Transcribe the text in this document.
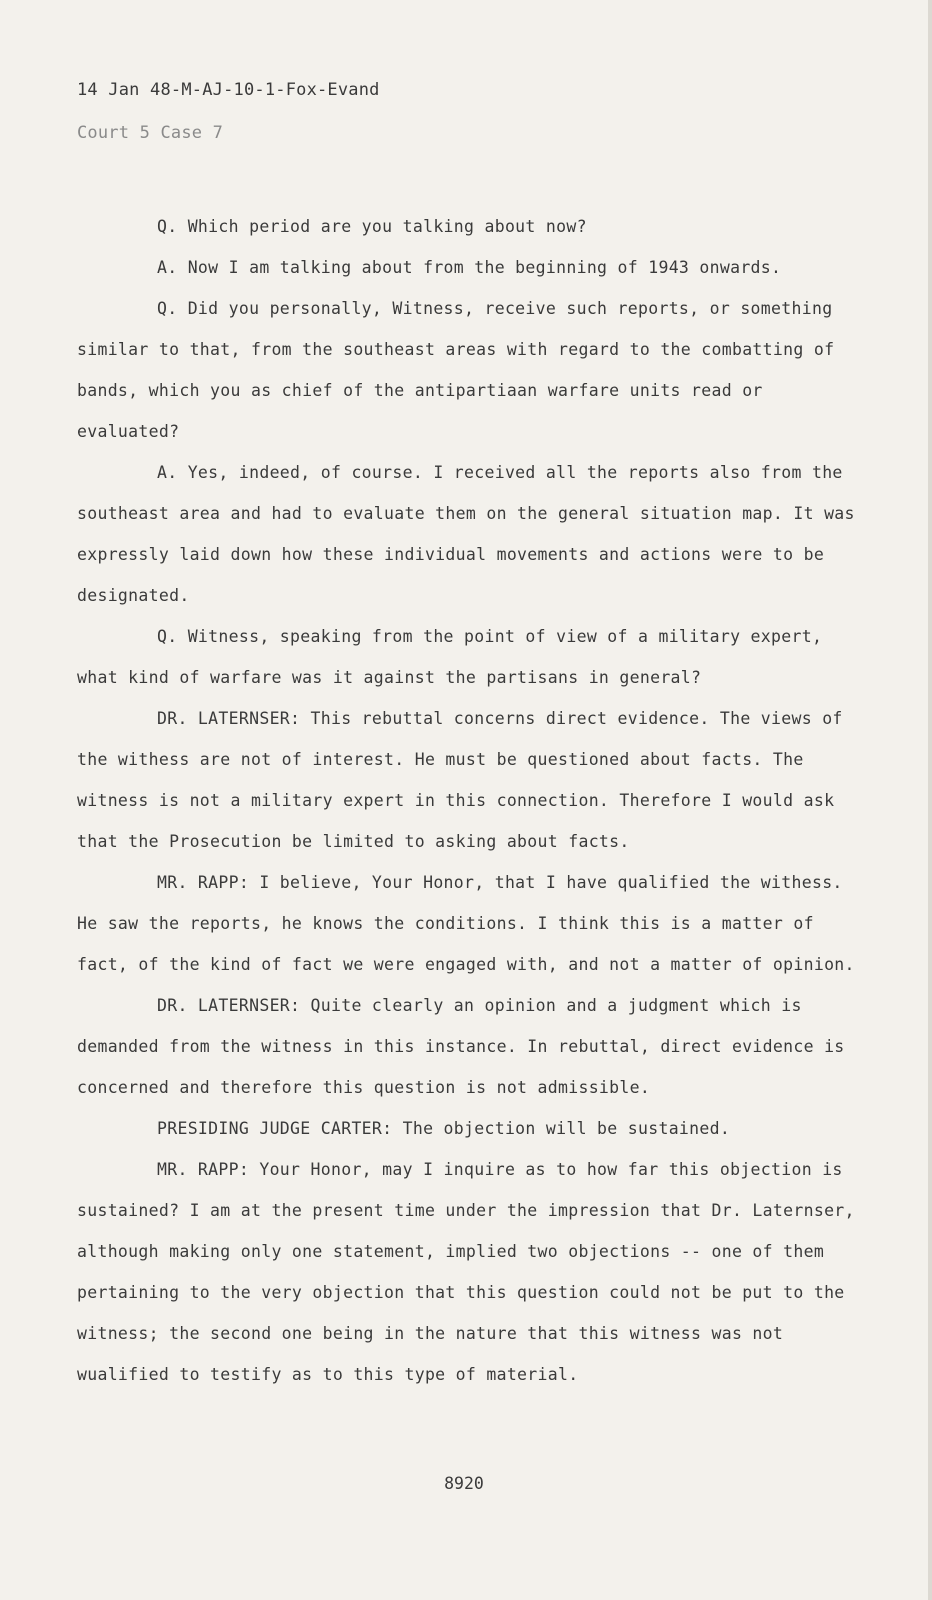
14 Jan 48-M-AJ-10-1-Fox-Evand
Court 5 Case 7

Q. Which period are you talking about now?

A. Now I am talking about from the beginning of 1943 onwards.

Q. Did you personally, Witness, receive such reports, or something similar to that, from the southeast areas with regard to the combatting of bands, which you as chief of the antipartiaan warfare units read or evaluated?

A. Yes, indeed, of course. I received all the reports also from the southeast area and had to evaluate them on the general situation map. It was expressly laid down how these individual movements and actions were to be designated.

Q. Witness, speaking from the point of view of a military expert, what kind of warfare was it against the partisans in general?

DR. LATERNSER: This rebuttal concerns direct evidence. The views of the withess are not of interest. He must be questioned about facts. The witness is not a military expert in this connection. Therefore I would ask that the Prosecution be limited to asking about facts.

MR. RAPP: I believe, Your Honor, that I have qualified the withess. He saw the reports, he knows the conditions. I think this is a matter of fact, of the kind of fact we were engaged with, and not a matter of opinion.

DR. LATERNSER: Quite clearly an opinion and a judgment which is demanded from the witness in this instance. In rebuttal, direct evidence is concerned and therefore this question is not admissible.

PRESIDING JUDGE CARTER: The objection will be sustained.

MR. RAPP: Your Honor, may I inquire as to how far this objection is sustained? I am at the present time under the impression that Dr. Laternser, although making only one statement, implied two objections -- one of them pertaining to the very objection that this question could not be put to the witness; the second one being in the nature that this witness was not wualified to testify as to this type of material.

8920
